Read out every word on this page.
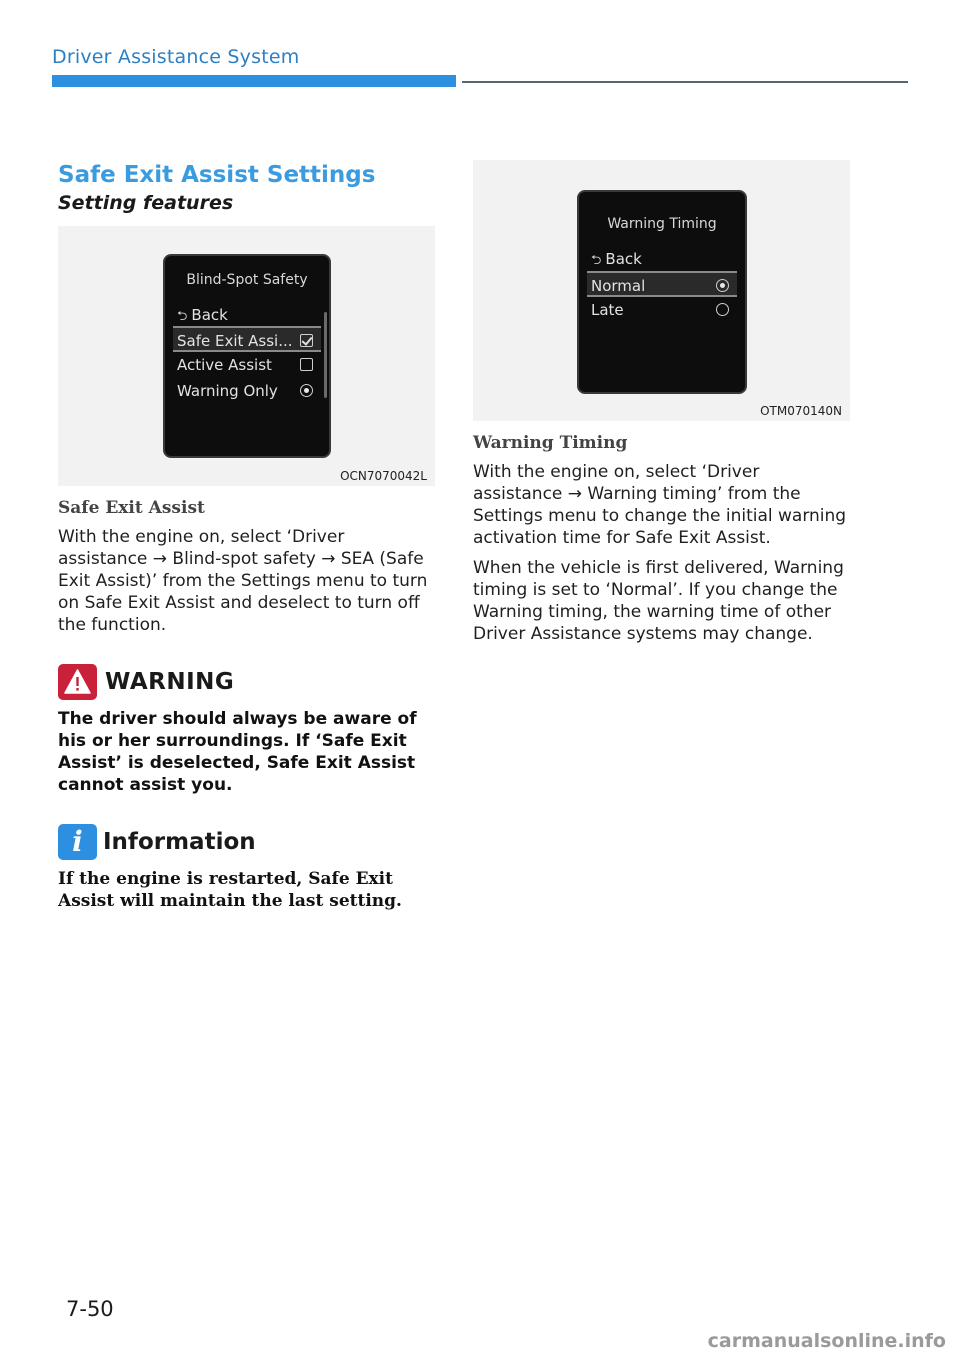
Driver Assistance System
Safe Exit Assist Settings
Setting features
Blind-Spot Safety
⮌ Back
Safe Exit Assi...
Active Assist
Warning Only
OCN7070042L
Safe Exit Assist
With the engine on, select ‘Driver assistance → Blind-spot safety → SEA (Safe Exit Assist)’ from the Settings menu to turn on Safe Exit Assist and deselect to turn off the function.
WARNING
The driver should always be aware of his or her surroundings. If ‘Safe Exit Assist’ is deselected, Safe Exit Assist cannot assist you.
i Information
If the engine is restarted, Safe Exit Assist will maintain the last setting.
Warning Timing
⮌ Back
Normal
Late
OTM070140N
Warning Timing
With the engine on, select ‘Driver assistance → Warning timing’ from the Settings menu to change the initial warning activation time for Safe Exit Assist.
When the vehicle is first delivered, Warning timing is set to ‘Normal’. If you change the Warning timing, the warning time of other Driver Assistance systems may change.
7-50
carmanualsonline.info
